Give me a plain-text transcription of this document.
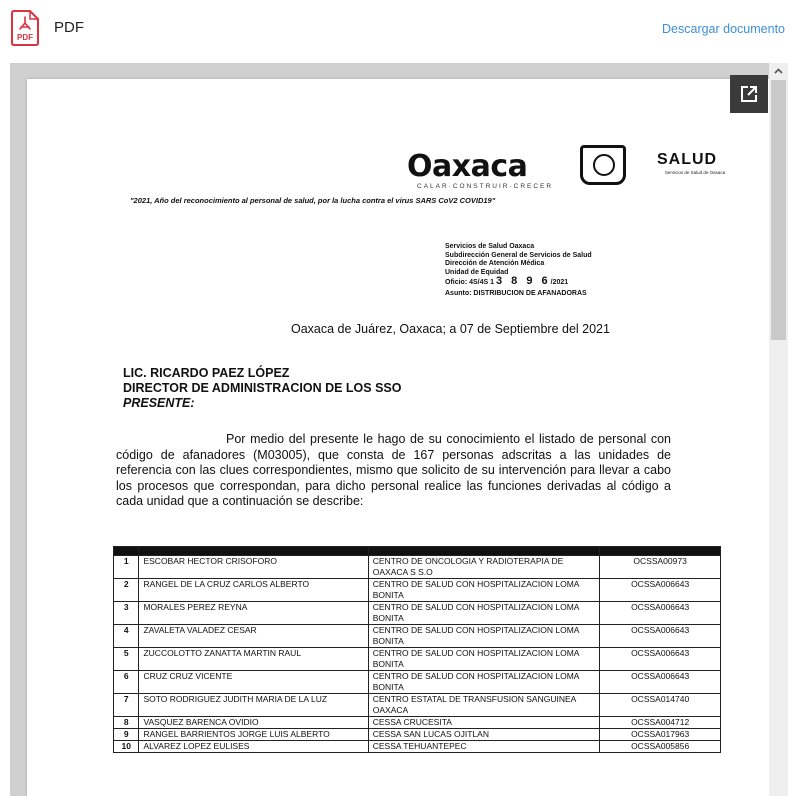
PDF
PDF	Descargar documento
Oaxaca
CALAR·CONSTRUIR·CRECER
SALUD
Servicios de Salud de Oaxaca
"2021, Año del reconocimiento al personal de salud, por la lucha contra el virus SARS CoV2 COVID19"
Servicios de Salud Oaxaca
Subdirección General de Servicios de Salud
Dirección de Atención Médica
Unidad de Equidad
Oficio: 4S/4S 1 3 8 9 6/2021
Asunto: DISTRIBUCION DE AFANADORAS
Oaxaca de Juárez, Oaxaca; a 07 de Septiembre del 2021
LIC. RICARDO PAEZ LÓPEZ
DIRECTOR DE ADMINISTRACION DE LOS SSO
PRESENTE:
Por medio del presente le hago de su conocimiento el listado de personal con código de afanadores (M03005), que consta de 167 personas adscritas a las unidades de referencia con las clues correspondientes, mismo que solicito de su intervención para llevar a cabo los procesos que correspondan, para dicho personal realice las funciones derivadas al código a cada unidad que a continuación se describe:

1	ESCOBAR HECTOR CRISOFORO	CENTRO DE ONCOLOGIA Y RADIOTERAPIA DE OAXACA S S.O	OCSSA00973
2	RANGEL DE LA CRUZ CARLOS ALBERTO	CENTRO DE SALUD CON HOSPITALIZACION LOMA BONITA	OCSSA006643
3	MORALES PEREZ REYNA	CENTRO DE SALUD CON HOSPITALIZACION LOMA BONITA	OCSSA006643
4	ZAVALETA VALADEZ CESAR	CENTRO DE SALUD CON HOSPITALIZACION LOMA BONITA	OCSSA006643
5	ZUCCOLOTTO ZANATTA MARTIN RAUL	CENTRO DE SALUD CON HOSPITALIZACION LOMA BONITA	OCSSA006643
6	CRUZ CRUZ VICENTE	CENTRO DE SALUD CON HOSPITALIZACION LOMA BONITA	OCSSA006643
7	SOTO RODRIGUEZ JUDITH MARIA DE LA LUZ	CENTRO ESTATAL DE TRANSFUSION SANGUINEA OAXACA	OCSSA014740
8	VASQUEZ BARENCA OVIDIO	CESSA CRUCESITA	OCSSA004712
9	RANGEL BARRIENTOS JORGE LUIS ALBERTO	CESSA SAN LUCAS OJITLAN	OCSSA017963
10	ALVAREZ LOPEZ EULISES	CESSA TEHUANTEPEC	OCSSA005856
